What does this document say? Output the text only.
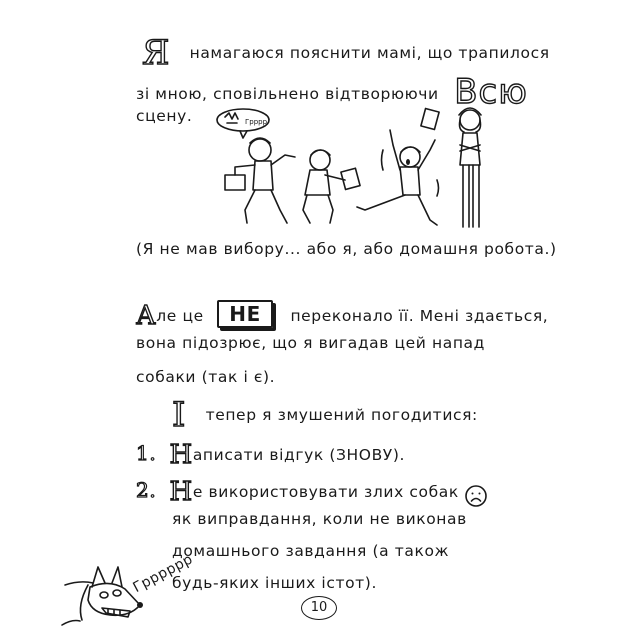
Я намагаюся пояснити мамі, що трапилося
зі мною, сповільнено відтворюючи Всю
сцену.	Гpppp
(Я не мав вибору... або я, або домашня робота.)
Але це НЕ переконало її. Мені здається,
вона підозрює, що я вигадав цей напад
собаки (так і є).
І тепер я змушений погодитися:
1. Написати відгук (ЗНОВУ).
2. Не використовувати злих собак
як виправдання, коли не виконав
домашнього завдання (а також
будь-яких інших істот).
Гpppppp
10
